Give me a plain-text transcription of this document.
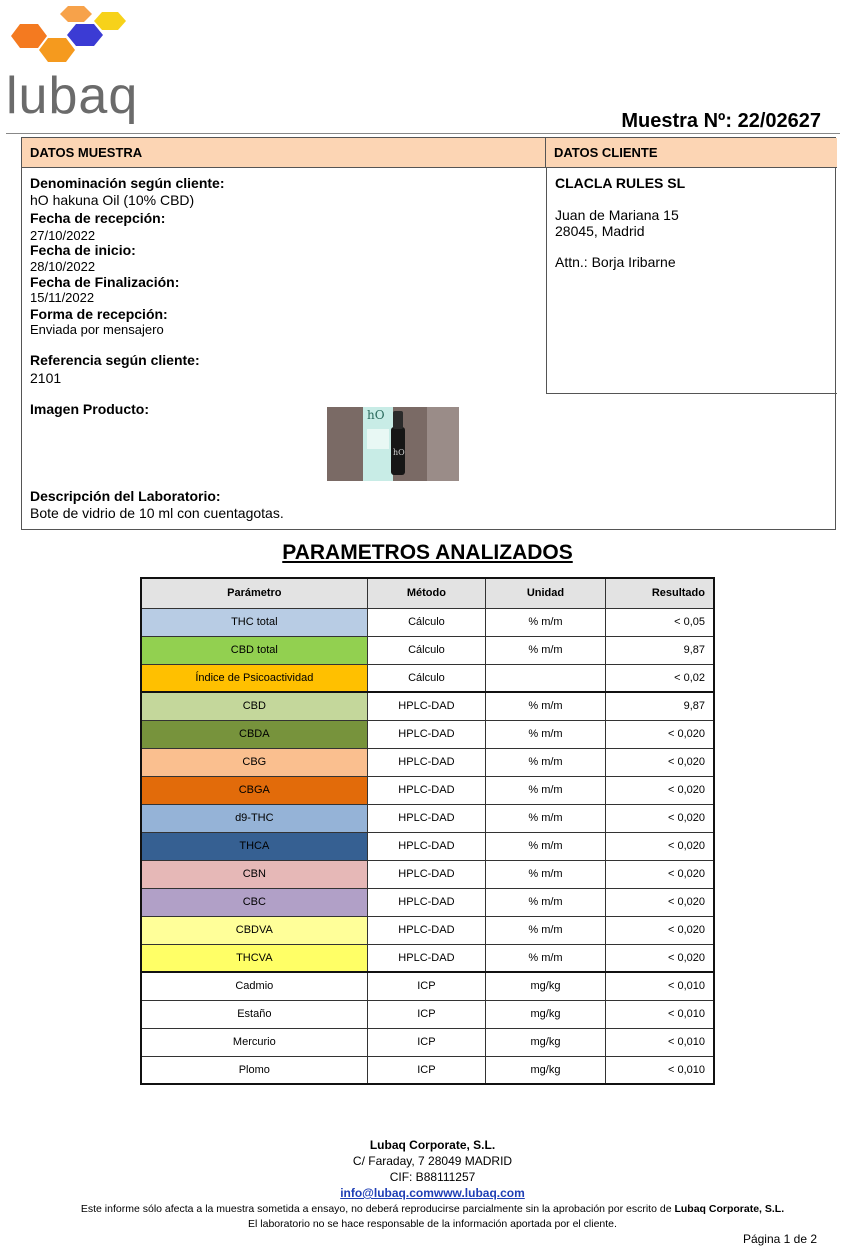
lubaq	Muestra Nº: 22/02627
DATOS MUESTRA	DATOS CLIENTE
Denominación según cliente:
hO hakuna Oil (10% CBD)
Fecha de recepción:
27/10/2022
Fecha de inicio:
28/10/2022
Fecha de Finalización:
15/11/2022
Forma de recepción:
Enviada por mensajero
Referencia según cliente:
2101
Imagen Producto:	hO
hO
Descripción del Laboratorio:
Bote de vidrio de 10 ml con cuentagotas.
CLACLA RULES SL
Juan de Mariana 15
28045, Madrid
Attn.: Borja Iribarne
PARAMETROS ANALIZADOS
Parámetro	Método	Unidad	Resultado
THC total	Cálculo	% m/m	< 0,05
CBD total	Cálculo	% m/m	9,87
Índice de Psicoactividad	Cálculo		< 0,02
CBD	HPLC-DAD	% m/m	9,87
CBDA	HPLC-DAD	% m/m	< 0,020
CBG	HPLC-DAD	% m/m	< 0,020
CBGA	HPLC-DAD	% m/m	< 0,020
d9-THC	HPLC-DAD	% m/m	< 0,020
THCA	HPLC-DAD	% m/m	< 0,020
CBN	HPLC-DAD	% m/m	< 0,020
CBC	HPLC-DAD	% m/m	< 0,020
CBDVA	HPLC-DAD	% m/m	< 0,020
THCVA	HPLC-DAD	% m/m	< 0,020
Cadmio	ICP	mg/kg	< 0,010
Estaño	ICP	mg/kg	< 0,010
Mercurio	ICP	mg/kg	< 0,010
Plomo	ICP	mg/kg	< 0,010
Lubaq Corporate, S.L.
C/ Faraday, 7 28049 MADRID
CIF: B88111257
info@lubaq.comwww.lubaq.com
Este informe sólo afecta a la muestra sometida a ensayo, no deberá reproducirse parcialmente sin la aprobación por escrito de Lubaq Corporate, S.L.
El laboratorio no se hace responsable de la información aportada por el cliente.
Página 1 de 2
